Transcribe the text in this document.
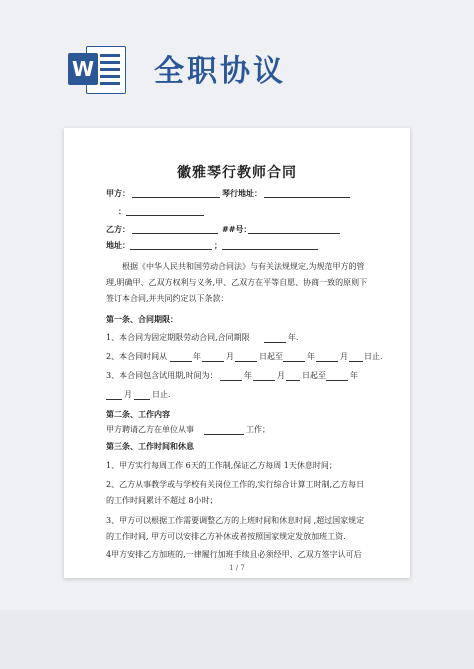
W 全职协议
徽雅琴行教师合同
甲方：	琴行地址：
：
乙方：	##号：
地址：	；
根据《中华人民共和国劳动合同法》与有关法规规定,为规范甲方的管
理,明确甲、乙双方权利与义务,甲、乙双方在平等自愿、协商一致的原则下
签订本合同,并共同约定以下条款：
第一条、合同期限：
1、本合同为固定期限劳动合同,合同期限	年.
2、本合同时间从	年	月	日起至	年	月 日止.
3、本合同包含试用期,时间为：	年	月 日起至	年
月	日止.
第二条、工作内容
甲方聘请乙方在单位从事	工作；
第三条、工作时间和休息
1、甲方实行每周工作 6天的工作制,保证乙方每周 1天休息时间；
2、乙方从事教学或与学校有关岗位工作的,实行综合计算工时制,乙方每日
的工作时间累计不超过 8小时；
3、甲方可以根据工作需要调整乙方的上班时间和休息时间 ,超过国家规定
的工作时间, 甲方可以安排乙方补休或者按照国家规定发放加班工资.
4甲方安排乙方加班的,一律履行加班手续且必须经甲、乙双方签字认可后
1 / 7
